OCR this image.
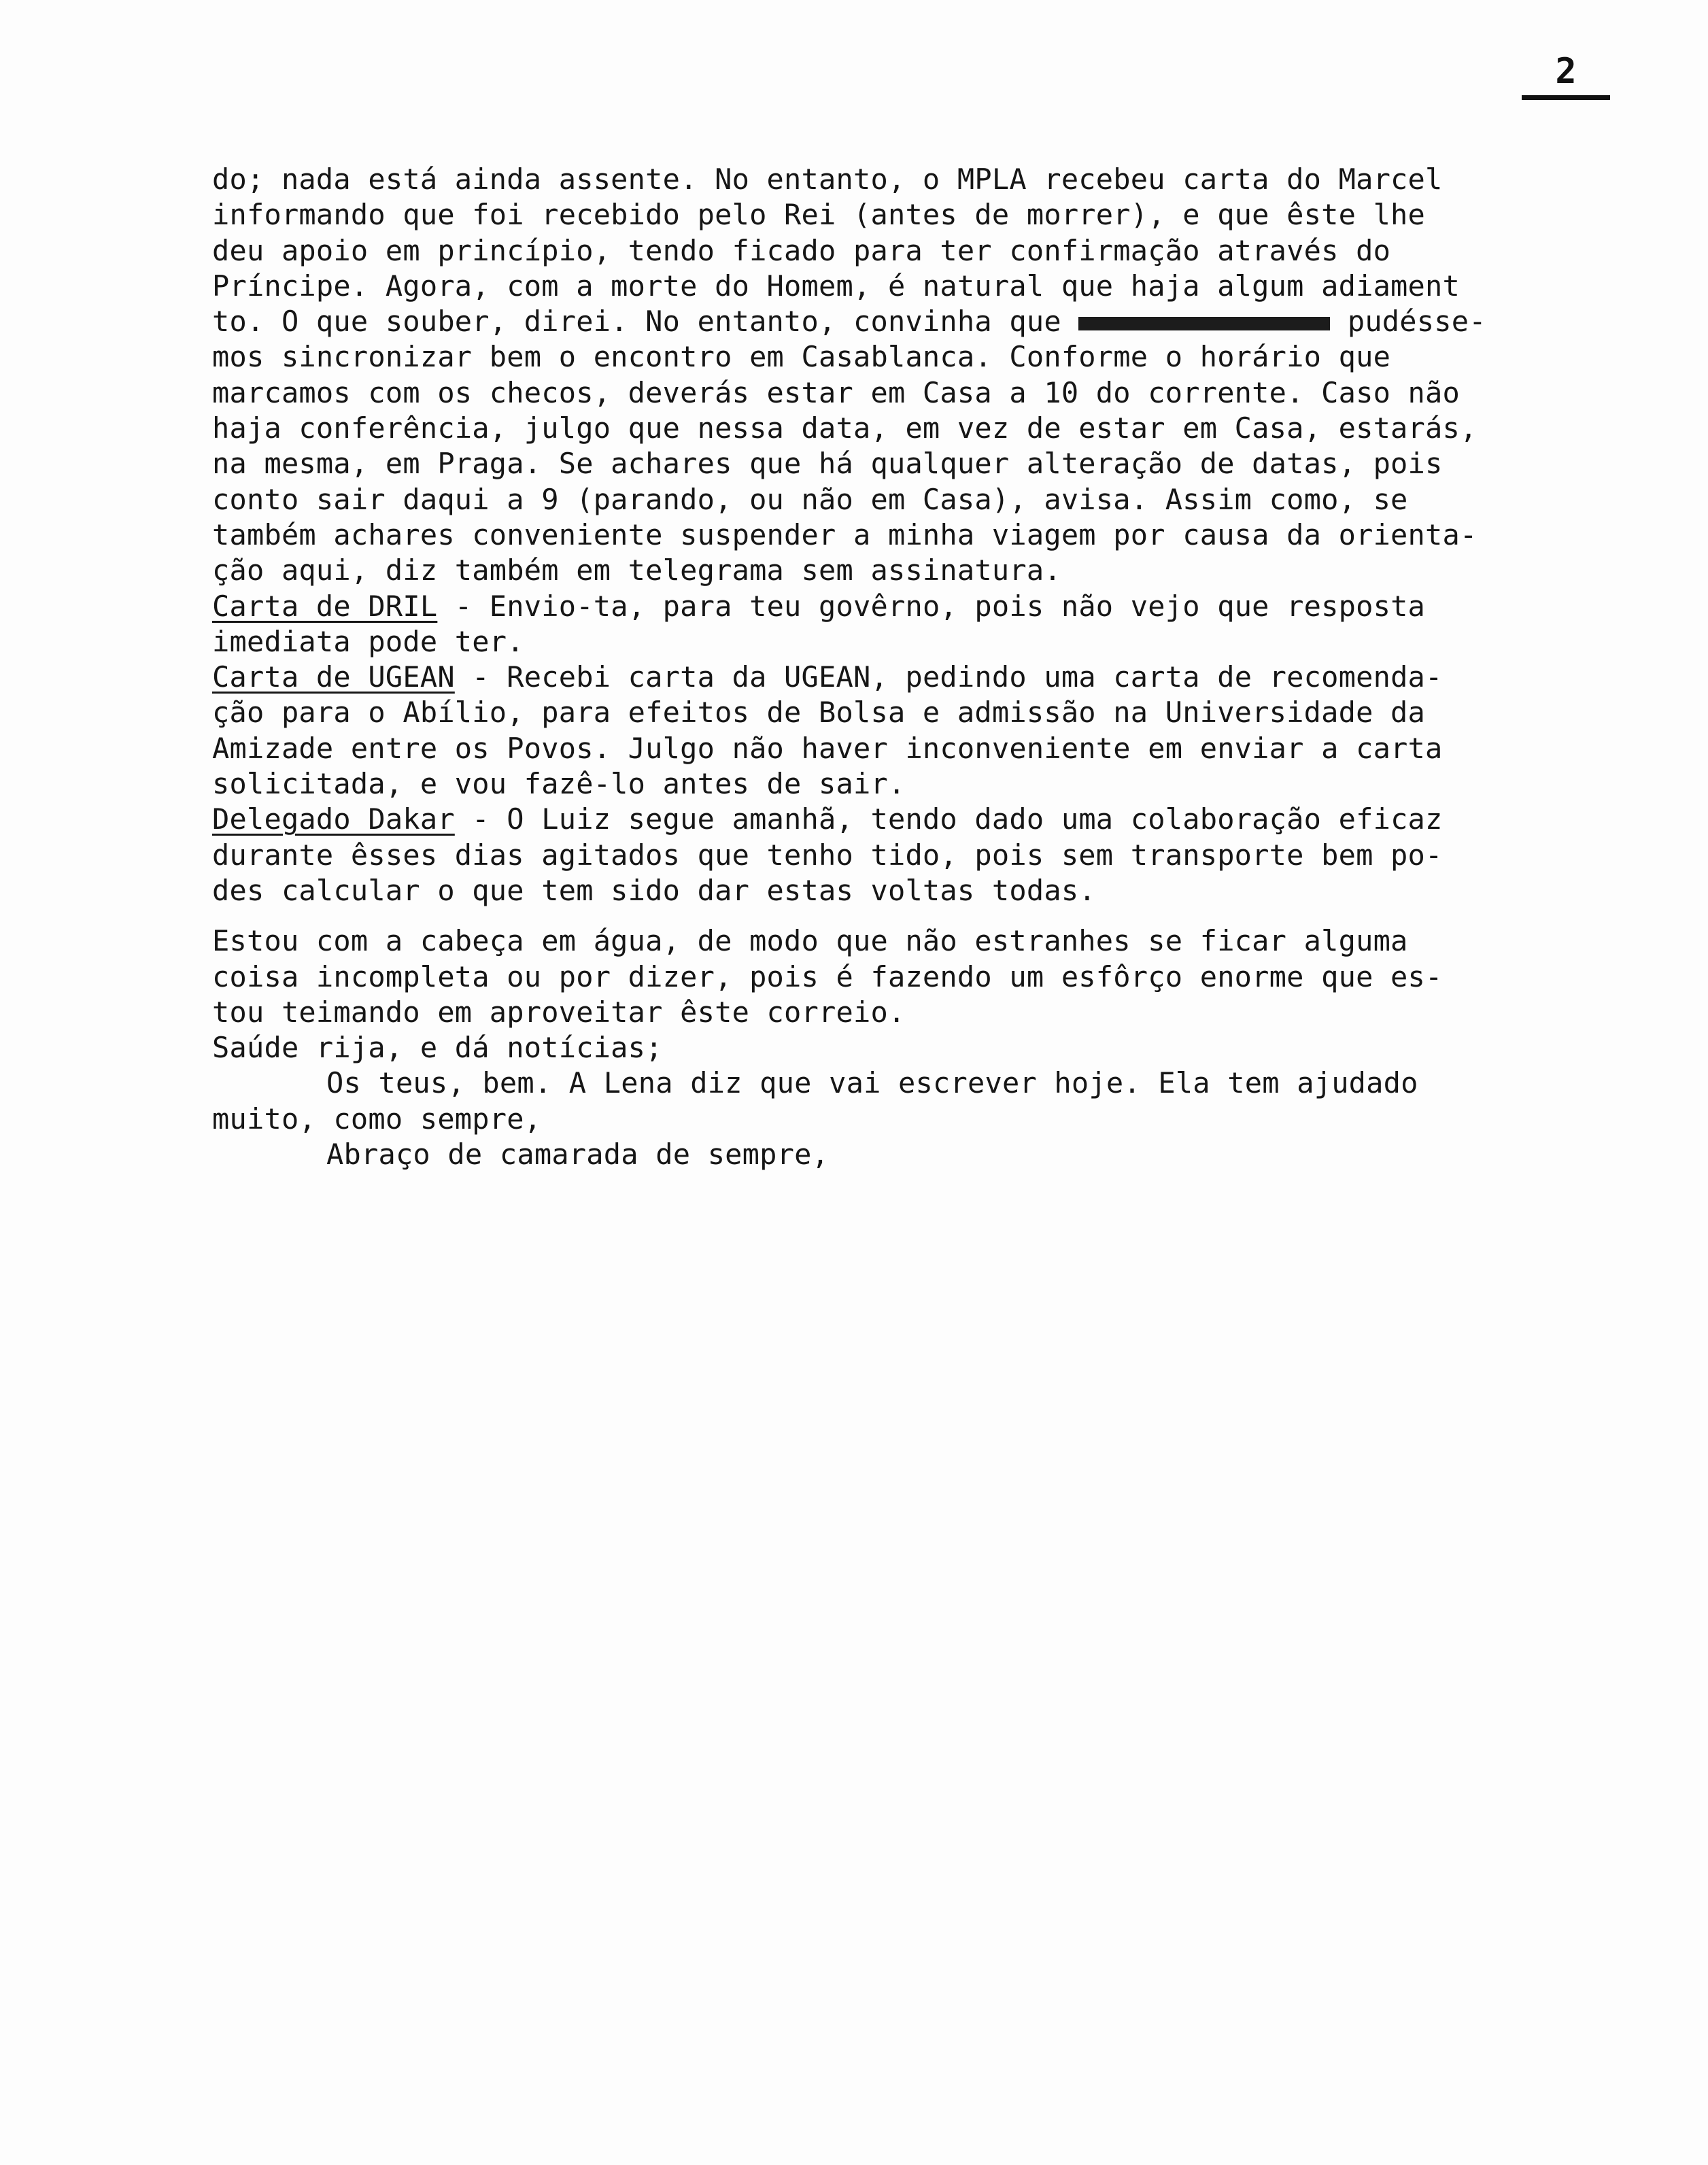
2
do; nada está ainda assente. No entanto, o MPLA recebeu carta do Marcel
informando que foi recebido pelo Rei (antes de morrer), e que êste lhe
deu apoio em princípio, tendo ficado para ter confirmação através do
Príncipe. Agora, com a morte do Homem, é natural que haja algum adiament
to. O que souber, direi. No entanto, convinha que	pudésse-
mos sincronizar bem o encontro em Casablanca. Conforme o horário que
marcamos com os checos, deverás estar em Casa a 10 do corrente. Caso não
haja conferência, julgo que nessa data, em vez de estar em Casa, estarás,
na mesma, em Praga. Se achares que há qualquer alteração de datas, pois
conto sair daqui a 9 (parando, ou não em Casa), avisa. Assim como, se
também achares conveniente suspender a minha viagem por causa da orienta-
ção aqui, diz também em telegrama sem assinatura.
Carta de DRIL - Envio-ta, para teu govêrno, pois não vejo que resposta
imediata pode ter.
Carta de UGEAN - Recebi carta da UGEAN, pedindo uma carta de recomenda-
ção para o Abílio, para efeitos de Bolsa e admissão na Universidade da
Amizade entre os Povos. Julgo não haver inconveniente em enviar a carta
solicitada, e vou fazê-lo antes de sair.
Delegado Dakar - O Luiz segue amanhã, tendo dado uma colaboração eficaz
durante êsses dias agitados que tenho tido, pois sem transporte bem po-
des calcular o que tem sido dar estas voltas todas.
Estou com a cabeça em água, de modo que não estranhes se ficar alguma
coisa incompleta ou por dizer, pois é fazendo um esfôrço enorme que es-
tou teimando em aproveitar êste correio.
Saúde rija, e dá notícias;
Os teus, bem. A Lena diz que vai escrever hoje. Ela tem ajudado
muito, como sempre,
Abraço de camarada de sempre,
